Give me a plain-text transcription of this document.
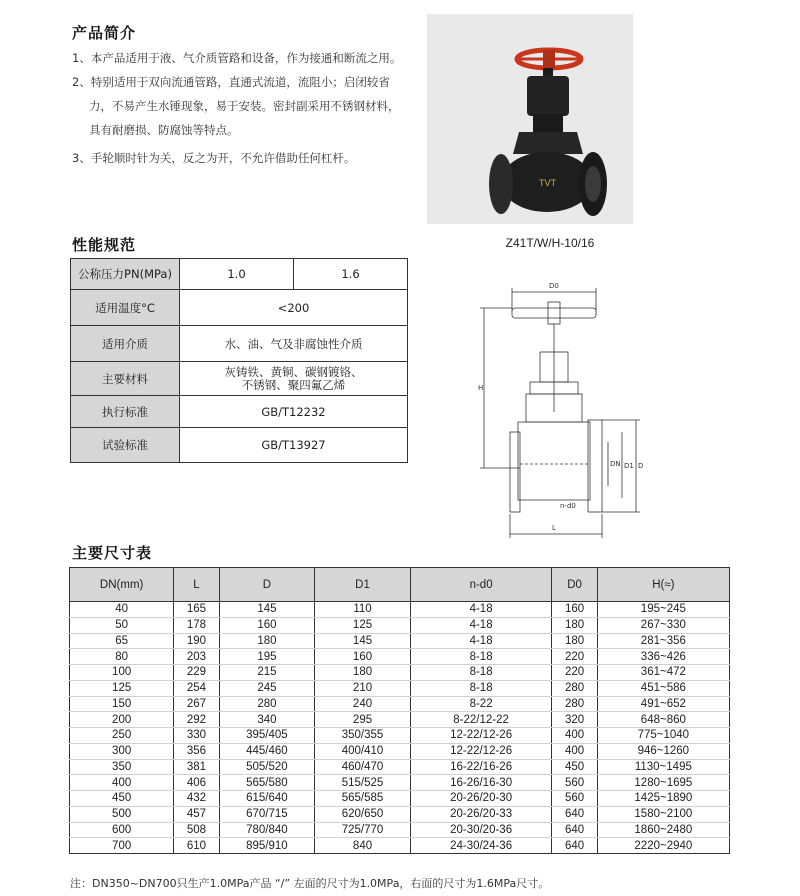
产品简介

1、本产品适用于液、气介质管路和设备，作为接通和断流之用。

2、特别适用于双向流通管路，直通式流道，流阻小；启闭较省

力，不易产生水锤现象，易于安装。密封副采用不锈钢材料，

具有耐磨损、防腐蚀等特点。

3、手轮顺时针为关，反之为开，不允许借助任何杠杆。

TVT
Z41T/W/H-10/16
性能规范
公称压力PN(MPa)	1.0	1.6
适用温度°C	<200	
适用介质	水、油、气及非腐蚀性介质	
主要材料	灰铸铁、黄铜、碳钢镀铬、
不锈钢、聚四氟乙烯	
执行标准	GB/T12232	
试验标准	GB/T13927	
D0
H
DN D1 D
n-d0
L
主要尺寸表
DN(mm)	L	D	D1	n-d0	D0	H(≈)
40	165	145	110	4-18	160	195~245
50	178	160	125	4-18	180	267~330
65	190	180	145	4-18	180	281~356
80	203	195	160	8-18	220	336~426
100	229	215	180	8-18	220	361~472
125	254	245	210	8-18	280	451~586
150	267	280	240	8-22	280	491~652
200	292	340	295	8-22/12-22	320	648~860
250	330	395/405	350/355	12-22/12-26	400	775~1040
300	356	445/460	400/410	12-22/12-26	400	946~1260
350	381	505/520	460/470	16-22/16-26	450	1130~1495
400	406	565/580	515/525	16-26/16-30	560	1280~1695
450	432	615/640	565/585	20-26/20-30	560	1425~1890
500	457	670/715	620/650	20-26/20-33	640	1580~2100
600	508	780/840	725/770	20-30/20-36	640	1860~2480
700	610	895/910	840	24-30/24-36	640	2220~2940
注：DN350~DN700只生产1.0MPa产品 “/” 左面的尺寸为1.0MPa，右面的尺寸为1.6MPa尺寸。
